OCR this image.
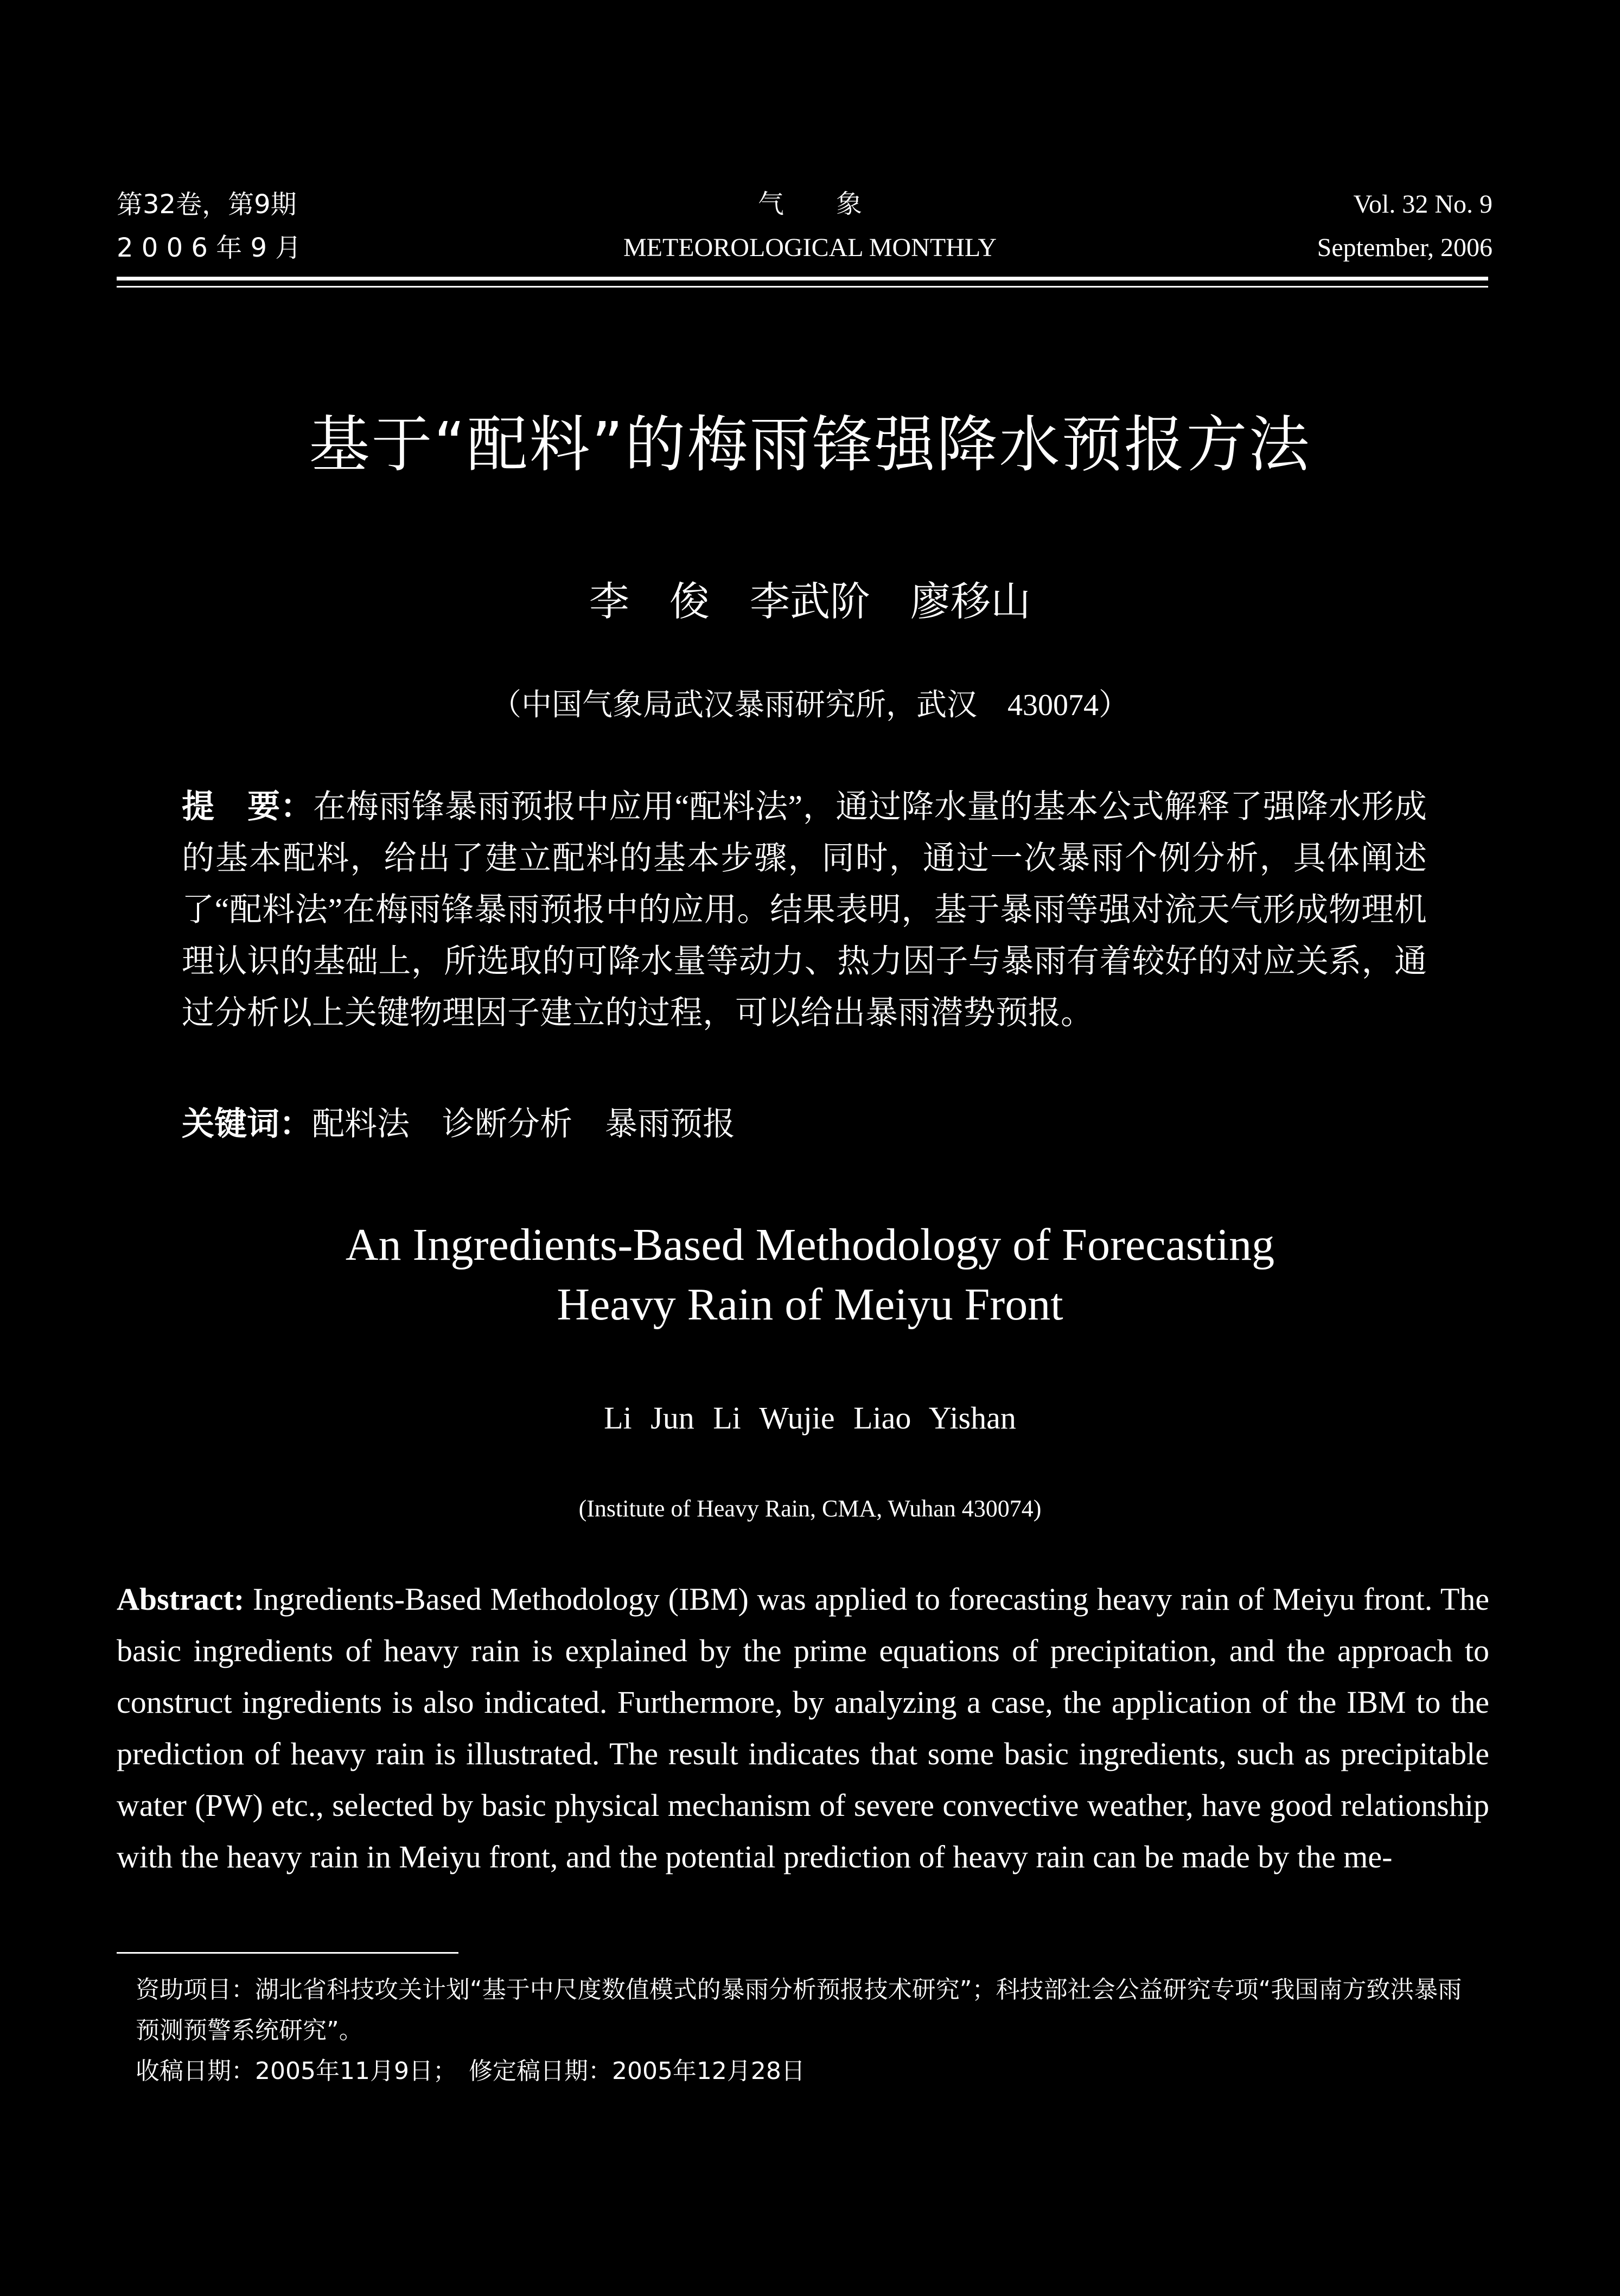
第32卷，第9期
2 0 0 6 年 9 月
气　　象
METEOROLOGICAL MONTHLY
Vol. 32 No. 9
September, 2006
基于“配料”的梅雨锋强降水预报方法
李　俊　李武阶　廖移山
（中国气象局武汉暴雨研究所，武汉　430074）
提　要：在梅雨锋暴雨预报中应用“配料法”，通过降水量的基本公式解释了强降水形成的基本配料，给出了建立配料的基本步骤，同时，通过一次暴雨个例分析，具体阐述了“配料法”在梅雨锋暴雨预报中的应用。结果表明，基于暴雨等强对流天气形成物理机理认识的基础上，所选取的可降水量等动力、热力因子与暴雨有着较好的对应关系，通过分析以上关键物理因子建立的过程，可以给出暴雨潜势预报。
关键词：配料法　诊断分析　暴雨预报
An Ingredients-Based Methodology of Forecasting
Heavy Rain of Meiyu Front
Li Jun Li Wujie Liao Yishan
(Institute of Heavy Rain, CMA, Wuhan 430074)
Abstract: Ingredients-Based Methodology (IBM) was applied to forecasting heavy rain of Meiyu front. The basic ingredients of heavy rain is explained by the prime equations of precipitation, and the approach to construct ingredients is also indicated. Furthermore, by analyzing a case, the application of the IBM to the prediction of heavy rain is illustrated. The result indicates that some basic ingredients, such as precipitable water (PW) etc., selected by basic physical mechanism of severe convective weather, have good relationship with the heavy rain in Meiyu front, and the potential prediction of heavy rain can be made by the me-
资助项目：湖北省科技攻关计划“基于中尺度数值模式的暴雨分析预报技术研究”；科技部社会公益研究专项“我国南方致洪暴雨预测预警系统研究”。
收稿日期：2005年11月9日；　修定稿日期：2005年12月28日
